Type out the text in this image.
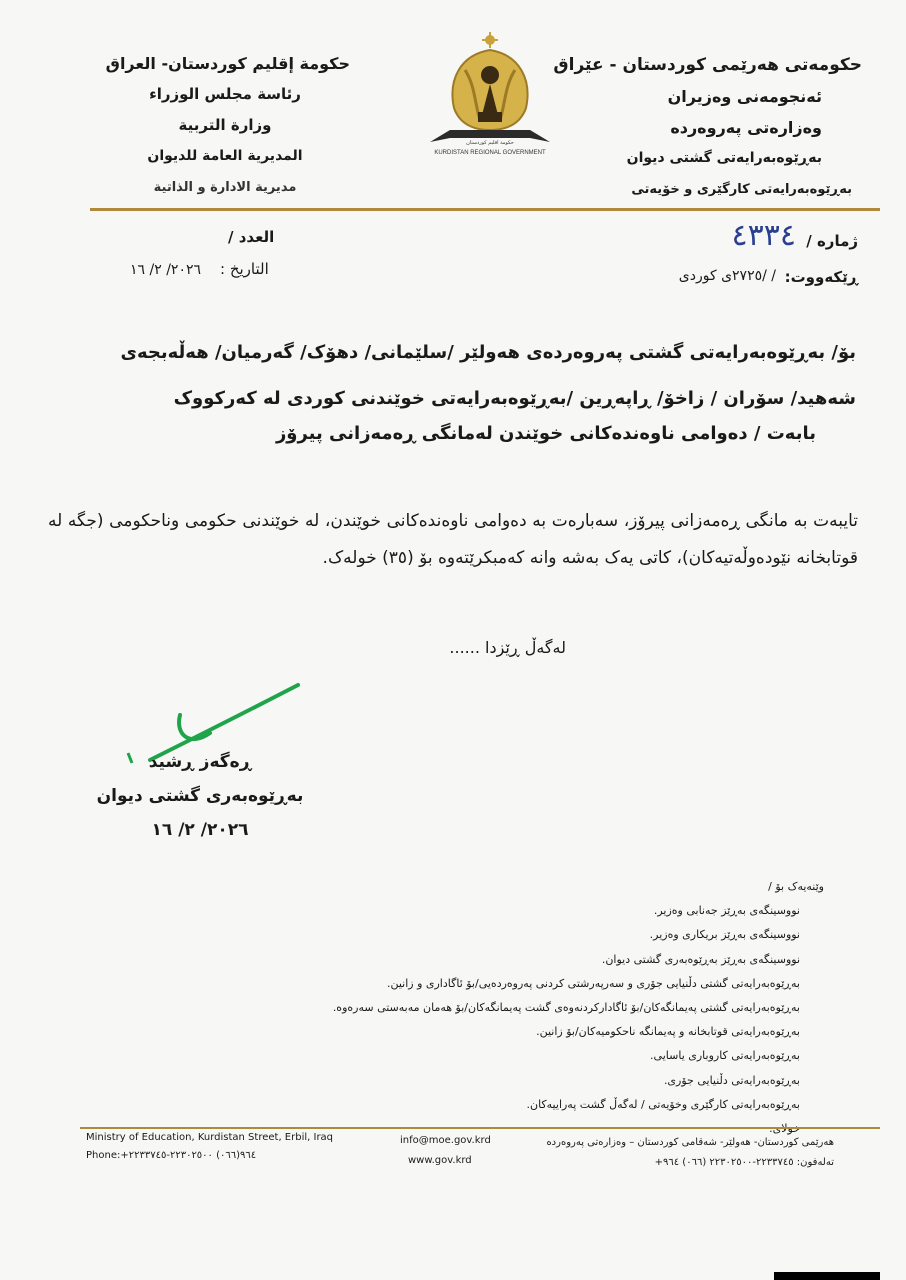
حکومەتی هەرێمی کوردستان - عێراق
ئەنجومەنی وەزیران
وەزارەتی پەروەردە
بەڕێوەبەرایەتی گشتی دیوان
بەڕێوەبەرایەتی کارگێری و خۆیەتی
KURDISTAN REGIONAL GOVERNMENT
حكومة اقليم كوردستان
حكومة إقليم كوردستان- العراق
رئاسة مجلس الوزراء
وزارة التربية
المديرية العامة للديوان
مديرية الادارة و الذاتية
ژمارە /
٤٣٣٤
ڕێکەووت:
/ /٢٧٢٥ی کوردی
العدد /
التاريخ :
٢٠٢٦/ ٢/ ١٦
بۆ/ بەڕێوەبەرایەتی گشتی پەروەردەی هەولێر /سلێمانی/ دهۆک/ گەرمیان/ هەڵەبجەی شەهید/ سۆران / زاخۆ/ ڕاپەڕین /بەڕێوەبەرایەتی خوێندنی کوردی لە کەرکووک
بابەت / دەوامی ناوەندەکانی خوێندن لەمانگی ڕەمەزانی پیرۆز
تایبەت بە مانگی ڕەمەزانی پیرۆز، سەبارەت بە دەوامی ناوەندەکانی خوێندن، لە خوێندنی حکومی وناحکومی (جگە لە قوتابخانە نێودەوڵەتیەکان)، کاتی یەک بەشە وانە کەمبکرێتەوە بۆ (٣٥) خولەک.
لەگەڵ ڕێزدا ......
ڕەگەز ڕشید
بەڕێوەبەری گشتی دیوان
٢٠٢٦/ ٢/ ١٦
وێنەیەک بۆ /
نووسینگەی بەڕێز جەنابی وەزیر.
نووسینگەی بەڕێز بریکاری وەزیر.
نووسینگەی بەڕێز بەڕێوەبەری گشتی دیوان.
بەڕێوەبەرایەتی گشتی دڵنیایی جۆری و سەرپەرشتی کردنی پەروەردەیی/بۆ ئاگاداری و زانین.
بەڕێوەبەرایەتی گشتی پەیمانگەکان/بۆ ئاگادارکردنەوەی گشت پەیمانگەکان/بۆ هەمان مەبەستی سەرەوە.
بەڕێوەبەرایەتی قوتابخانە و پەیمانگە ناحکومیەکان/بۆ زانین.
بەڕێوەبەرایەتی کاروباری یاسایی.
بەڕێوەبەرایەتی دڵنیایی جۆری.
بەڕێوەبەرایەتی کارگێری وخۆیەتی / لەگەڵ گشت پەراییەکان.
Ministry of Education, Kurdistan Street, Erbil, Iraq
Phone:+٩٦٤(٠٦٦) ٢٢٣٠٢٥٠٠-٢٢٣٣٧٤٥
info@moe.gov.krd
www.gov.krd
هەرێمی کوردستان- هەولێر- شەقامی کوردستان – وەزارەتی پەروەردە
تەلەفون: ٢٢٣٣٧٤٥-٢٢٣٠٢٥٠٠ (٠٦٦) ٩٦٤+
